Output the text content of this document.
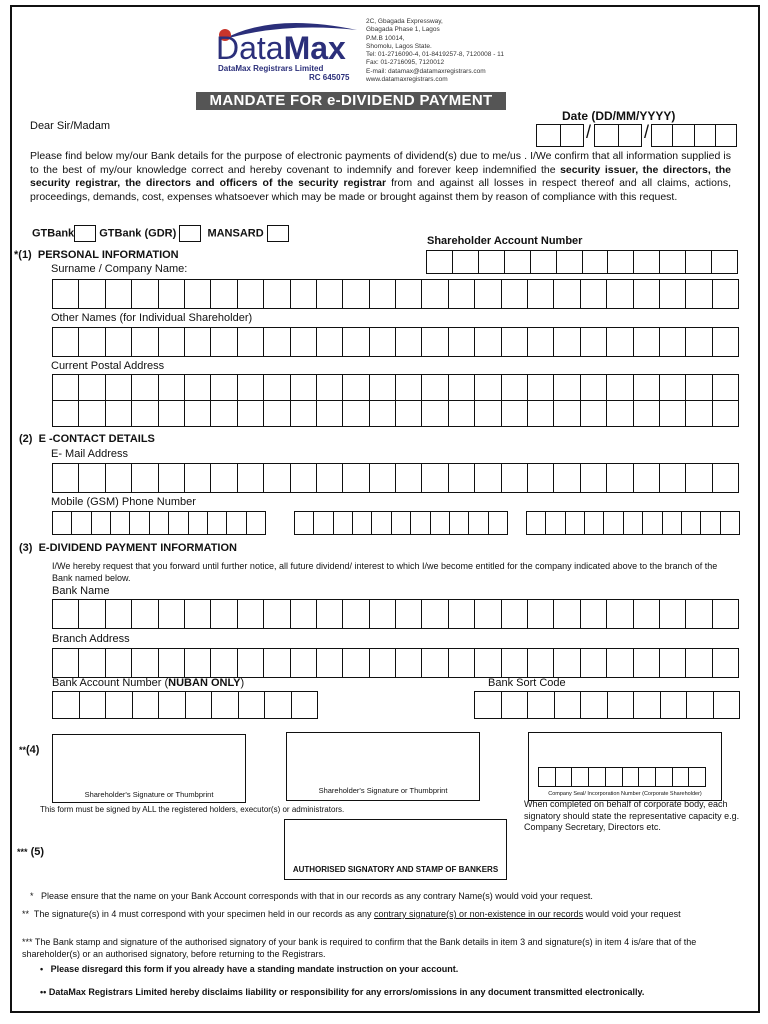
DataMax
DataMax Registrars Limited
RC 645075
2C, Gbagada Expressway,
Gbagada Phase 1, Lagos
P.M.B 10014,
Shomolu, Lagos State.
Tel: 01-2716090-4, 01-8419257-8, 7120008 - 11
Fax: 01-2716095, 7120012
E-mail: datamax@datamaxregistrars.com
www.datamaxregistrars.com
MANDATE FOR e-DIVIDEND PAYMENT
Date (DD/MM/YYYY)
/	/
Dear Sir/Madam
Please find below my/our Bank details for the purpose of electronic payments of dividend(s) due to me/us . I/We confirm that all information supplied is to the best of my/our knowledge correct and hereby covenant to indemnify and forever keep indemnified the security issuer, the directors, the security registrar, the directors and officers of the security registrar from and against all losses in respect thereof and all claims, actions, proceedings, demands, cost, expenses whatsoever which may be made or brought against them by reason of compliance with this request.
GTBank GTBank (GDR)	MANSARD
Shareholder Account Number
*(1) PERSONAL INFORMATION
Surname / Company Name:
Other Names (for Individual Shareholder)
Current Postal Address
(2) E -CONTACT DETAILS
E- Mail Address
Mobile (GSM) Phone Number
(3) E-DIVIDEND PAYMENT INFORMATION
I/We hereby request that you forward until further notice, all future dividend/ interest to which I/we become entitled for the company indicated above to the branch of the Bank named below.
Bank Name
Branch Address
Bank Account Number (NUBAN ONLY)	Bank Sort Code
**(4)
Shareholder's Signature or Thumbprint	Shareholder's Signature or Thumbprint	Company Seal/ Incorporation Number (Corporate Shareholder)
This form must be signed by ALL the registered holders, executor(s) or administrators.
When completed on behalf of corporate body, each signatory should state the representative capacity e.g. Company Secretary, Directors etc.
*** (5)
AUTHORISED SIGNATORY AND STAMP OF BANKERS
* Please ensure that the name on your Bank Account corresponds with that in our records as any contrary Name(s) would void your request.
** The signature(s) in 4 must correspond with your specimen held in our records as any contrary signature(s) or non-existence in our records would void your request
*** The Bank stamp and signature of the authorised signatory of your bank is required to confirm that the Bank details in item 3 and signature(s) in item 4 is/are that of the shareholder(s) or an authorised signatory, before returning to the Registrars.
• Please disregard this form if you already have a standing mandate instruction on your account.
•• DataMax Registrars Limited hereby disclaims liability or responsibility for any errors/omissions in any document transmitted electronically.
